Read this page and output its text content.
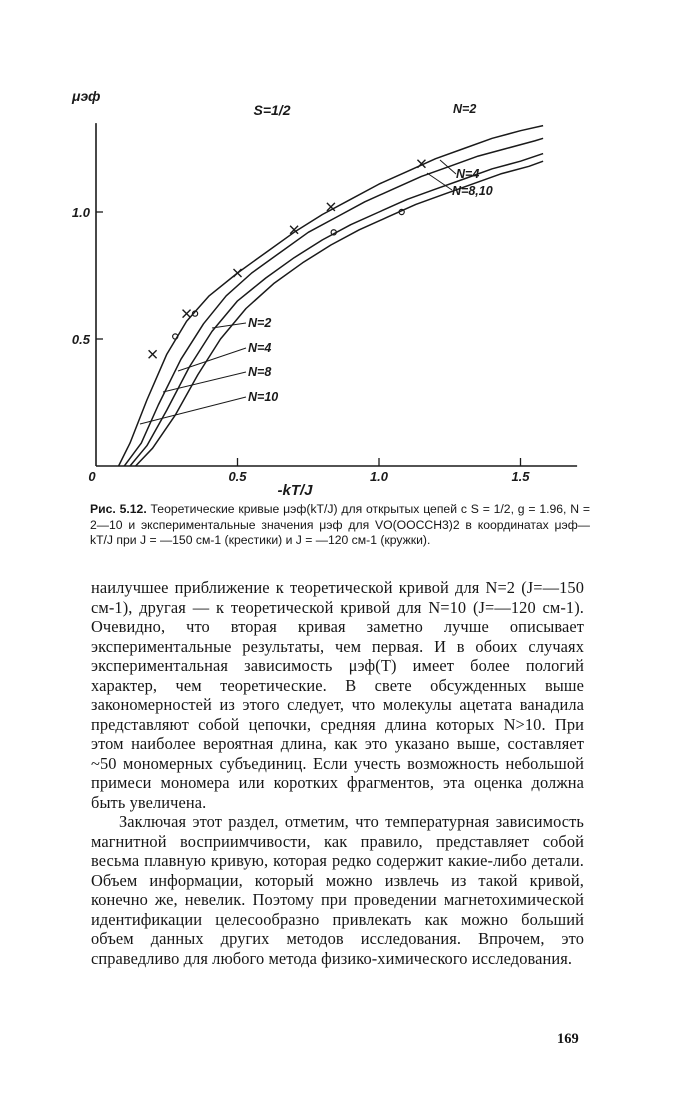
0	0.5	1.0	1.5
0.5
1.0
μэф
-kT/J
S=1/2	N=2
N=4
N=8,10
N=2
N=4
N=8
N=10
Рис. 5.12. Теоретические кривые μэф(kT/J) для открытых цепей с S = 1/2, g = 1.96, N = 2—10 и экспериментальные значения μэф для VO(OOCCH3)2 в координатах μэф—kT/J при J = —150 см-1 (крестики) и J = —120 см-1 (кружки).

наилучшее приближение к теоретической кривой для N=2 (J=—150 см-1), другая — к теоретической кривой для N=10 (J=—120 см-1). Очевидно, что вторая кривая заметно лучше описывает экспериментальные результаты, чем первая. И в обоих случаях экспериментальная зависимость μэф(T) имеет более пологий характер, чем теоретические. В свете обсужденных выше закономерностей из этого следует, что молекулы ацетата ванадила представляют собой цепочки, средняя длина которых N>10. При этом наиболее вероятная длина, как это указано выше, составляет ~50 мономерных субъединиц. Если учесть возможность небольшой примеси мономера или коротких фрагментов, эта оценка должна быть увеличена.

Заключая этот раздел, отметим, что температурная зависимость магнитной восприимчивости, как правило, представляет собой весьма плавную кривую, которая редко содержит какие-либо детали. Объем информации, который можно извлечь из такой кривой, конечно же, невелик. Поэтому при проведении магнетохимической идентификации целесообразно привлекать как можно больший объем данных других методов исследования. Впрочем, это справедливо для любого метода физико-химического исследования.

169
